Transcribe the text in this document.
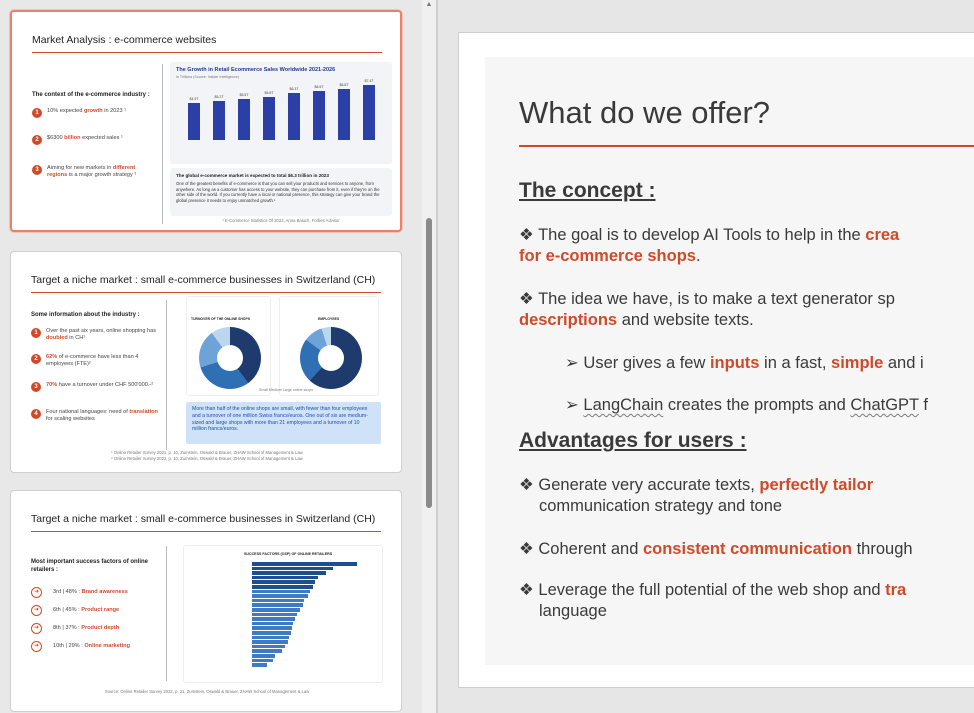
Market Analysis : e-commerce websites
The context of the e-commerce industry :
1	10% expected growth in 2023 ¹
2	$6300 billion expected sales ¹
3	Aiming for new markets in different regions is a major growth strategy ¹
The Growth in Retail Ecommerce Sales Worldwide 2021-2026
In Trillions (Source: Insider Intelligence)
$4.9T
$5.2T
$5.5T
$5.8T
$6.3T	$6.5T
$6.8T
$7.4T
The global e-commerce market is expected to total $6.3 trillion in 2023
One of the greatest benefits of e-commerce is that you can sell your products and services to anyone, from anywhere. As long as a customer has access to your website, they can purchase from it, even if they're on the other side of the world. If you currently have a local or national presence, this strategy can give your brand the global presence it needs to enjoy unmatched growth.¹
¹ E-Commerce Statistics Of 2023, Anna Baluch, Forbes Advisor
Target a niche market : small e-commerce businesses in Switzerland (CH)
Some information about the industry :
1	Over the past six years, online shopping has doubled in CH¹
2	62% of e-commerce have less than 4 employees (FTE)²
3	70% have a turnover under CHF 500'000.-²
4	Four national languages: need of translation for scaling websites
TURNOVER OF THE ONLINE SHOPS	EMPLOYEES
Small Medium Large online shops
More than half of the online shops are small, with fewer than four employees and a turnover of one million Swiss francs/euros. One out of six are medium-sized and large shops with more than 21 employees and a turnover of 10 million francs/euros.
¹ Online Retailer Survey 2021, p. 10, Zumstein, Oswald & Brauer, ZHAW School of Management & Law
² Online Retailer Survey 2022, p. 10, Zumstein, Oswald & Brauer, ZHAW School of Management & Law
Target a niche market : small e-commerce businesses in Switzerland (CH)
Most important success factors of online retailers :
➜	3rd | 48% : Brand awareness
➜	6th | 45% : Product range
➜	8th | 37% : Product depth
➜	10th | 29% : Online marketing
SUCCESS FACTORS (OSP) OF ONLINE RETAILERS
Source: Online Retailer Survey 2022, p. 21, Zumstein, Oswald & Brauer, ZHAW School of Management & Law
▲
What do we offer?
The concept :
❖ The goal is to develop AI Tools to help in the crea
for e-commerce shops.
❖ The idea we have, is to make a text generator sp
descriptions and website texts.
➢ User gives a few inputs in a fast, simple and i
➢ LangChain creates the prompts and ChatGPT f
Advantages for users :
❖ Generate very accurate texts, perfectly tailor
communication strategy and tone
❖ Coherent and consistent communication through
❖ Leverage the full potential of the web shop and tra
language
